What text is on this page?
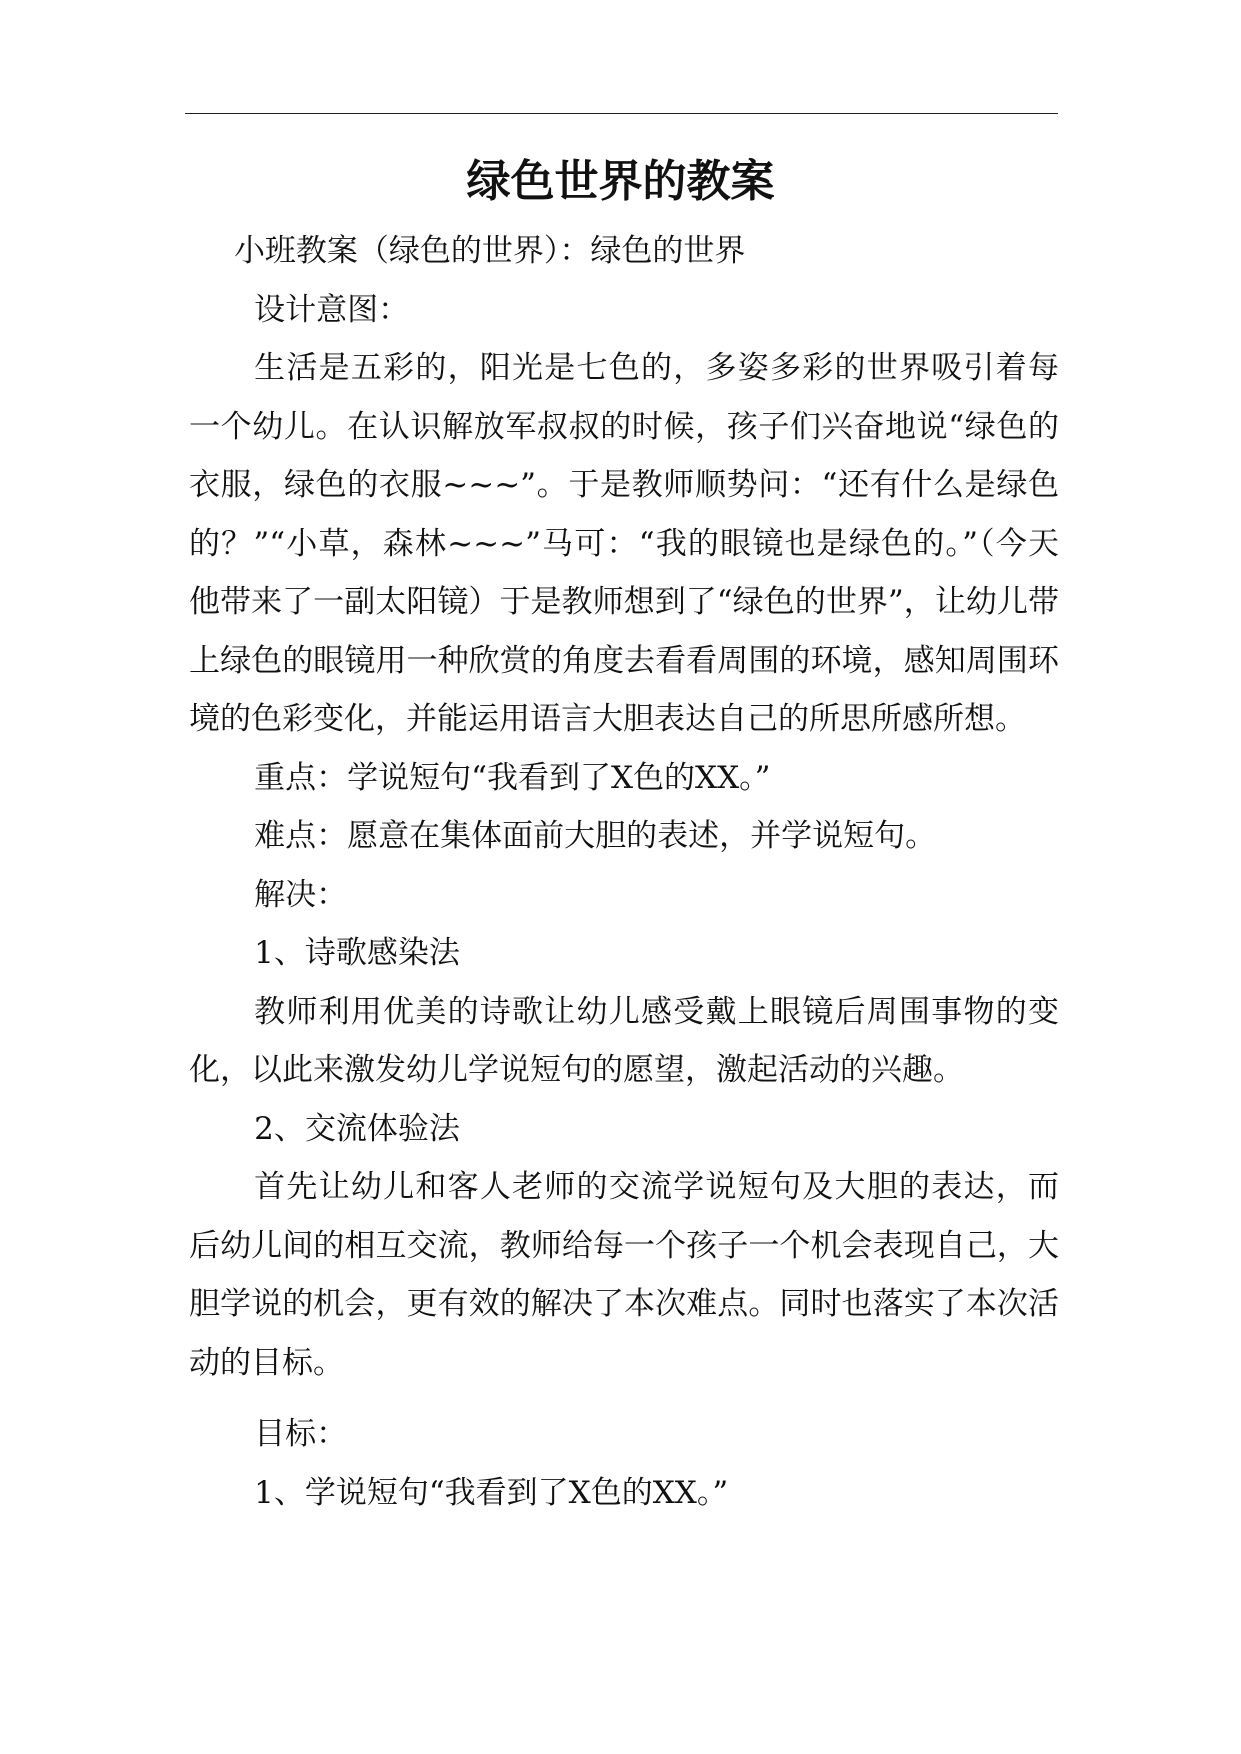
绿色世界的教案

小班教案（绿色的世界）：绿色的世界

设计意图：

生活是五彩的，阳光是七色的，多姿多彩的世界吸引着每一个幼儿。在认识解放军叔叔的时候，孩子们兴奋地说“绿色的衣服，绿色的衣服~~~”。于是教师顺势问：“还有什么是绿色的？”“小草，森林~~~”马可：“我的眼镜也是绿色的。”（今天他带来了一副太阳镜）于是教师想到了“绿色的世界”，让幼儿带上绿色的眼镜用一种欣赏的角度去看看周围的环境，感知周围环境的色彩变化，并能运用语言大胆表达自己的所思所感所想。

重点：学说短句“我看到了X色的XX。”

难点：愿意在集体面前大胆的表述，并学说短句。

解决：

1、诗歌感染法

教师利用优美的诗歌让幼儿感受戴上眼镜后周围事物的变化，以此来激发幼儿学说短句的愿望，激起活动的兴趣。

2、交流体验法

首先让幼儿和客人老师的交流学说短句及大胆的表达，而后幼儿间的相互交流，教师给每一个孩子一个机会表现自己，大胆学说的机会，更有效的解决了本次难点。同时也落实了本次活动的目标。

目标：

1、学说短句“我看到了X色的XX。”
